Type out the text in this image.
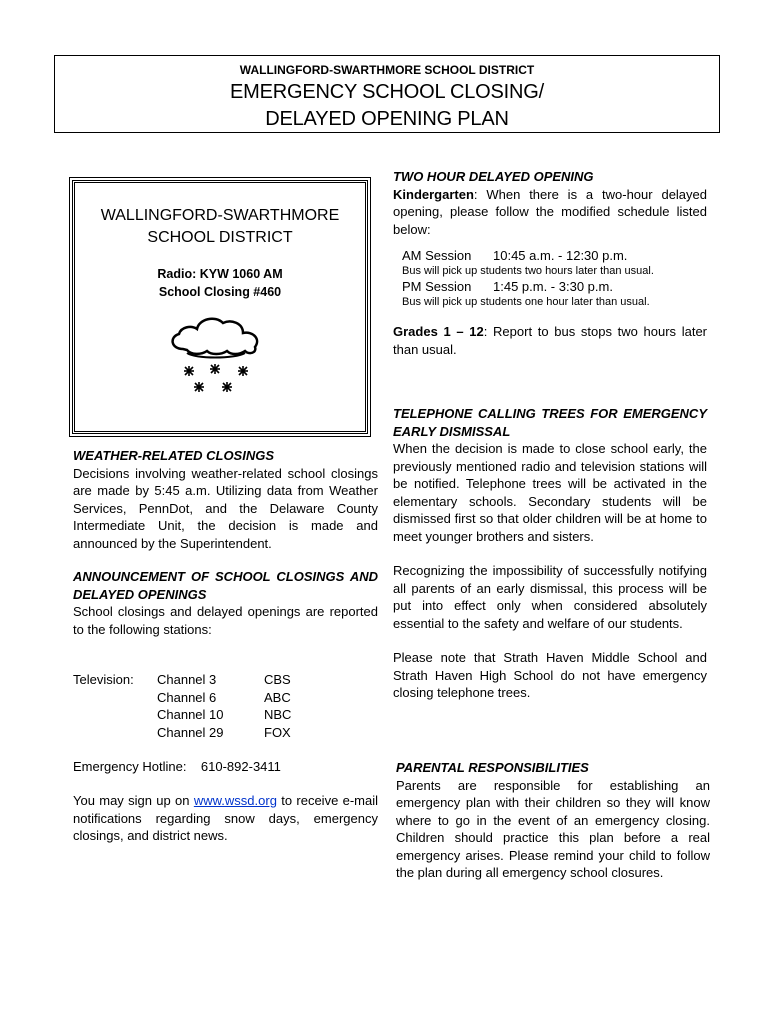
WALLINGFORD-SWARTHMORE SCHOOL DISTRICT
EMERGENCY SCHOOL CLOSING/
DELAYED OPENING PLAN
WALLINGFORD-SWARTHMORE
SCHOOL DISTRICT
Radio: KYW 1060 AM
School Closing #460
WEATHER-RELATED CLOSINGS

Decisions involving weather-related school closings are made by 5:45 a.m. Utilizing data from Weather Services, PennDot, and the Delaware County Intermediate Unit, the decision is made and announced by the Superintendent.

ANNOUNCEMENT OF SCHOOL CLOSINGS AND DELAYED OPENINGS

School closings and delayed openings are reported to the following stations:

Television:	Channel 3	CBS
Channel 6	ABC
Channel 10	NBC
Channel 29	FOX
Emergency Hotline: 610-892-3411
You may sign up on www.wssd.org to receive e-mail notifications regarding snow days, emergency closings, and district news.
TWO HOUR DELAYED OPENING

Kindergarten: When there is a two-hour delayed opening, please follow the modified schedule listed below:

AM Session	10:45 a.m. - 12:30 p.m.
Bus will pick up students two hours later than usual.
PM Session	1:45 p.m. - 3:30 p.m.
Bus will pick up students one hour later than usual.

Grades 1 – 12: Report to bus stops two hours later than usual.

TELEPHONE CALLING TREES FOR EMERGENCY EARLY DISMISSAL

When the decision is made to close school early, the previously mentioned radio and television stations will be notified. Telephone trees will be activated in the elementary schools. Secondary students will be dismissed first so that older children will be at home to meet younger brothers and sisters.

Recognizing the impossibility of successfully notifying all parents of an early dismissal, this process will be put into effect only when considered absolutely essential to the safety and welfare of our students.

Please note that Strath Haven Middle School and Strath Haven High School do not have emergency closing telephone trees.

PARENTAL RESPONSIBILITIES

Parents are responsible for establishing an emergency plan with their children so they will know where to go in the event of an emergency closing. Children should practice this plan before a real emergency arises. Please remind your child to follow the plan during all emergency school closures.
